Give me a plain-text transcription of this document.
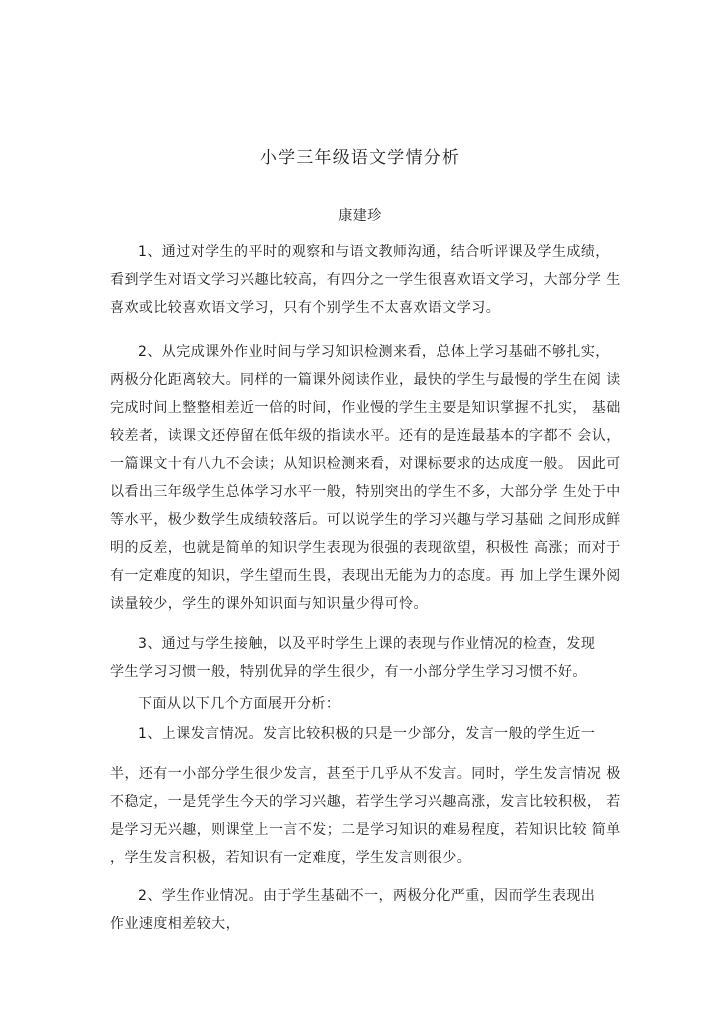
小学三年级语文学情分析
康建珍
1、通过对学生的平时的观察和与语文教师沟通，结合听评课及学生成绩，
看到学生对语文学习兴趣比较高，有四分之一学生很喜欢语文学习，大部分学 生
喜欢或比较喜欢语文学习，只有个别学生不太喜欢语文学习。
2、从完成课外作业时间与学习知识检测来看，总体上学习基础不够扎实，
两极分化距离较大。同样的一篇课外阅读作业，最快的学生与最慢的学生在阅 读
完成时间上整整相差近一倍的时间，作业慢的学生主要是知识掌握不扎实， 基础
较差者，读课文还停留在低年级的指读水平。还有的是连最基本的字都不 会认，
一篇课文十有八九不会读；从知识检测来看，对课标要求的达成度一般。 因此可
以看出三年级学生总体学习水平一般，特别突出的学生不多，大部分学 生处于中
等水平，极少数学生成绩较落后。可以说学生的学习兴趣与学习基础 之间形成鲜
明的反差，也就是简单的知识学生表现为很强的表现欲望，积极性 高涨；而对于
有一定难度的知识，学生望而生畏，表现出无能为力的态度。再 加上学生课外阅
读量较少，学生的课外知识面与知识量少得可怜。
3、通过与学生接触，以及平时学生上课的表现与作业情况的检查，发现
学生学习习惯一般，特别优异的学生很少，有一小部分学生学习习惯不好。
下面从以下几个方面展开分析：
1、上课发言情况。发言比较积极的只是一少部分，发言一般的学生近一
半，还有一小部分学生很少发言，甚至于几乎从不发言。同时，学生发言情况 极
不稳定，一是凭学生今天的学习兴趣，若学生学习兴趣高涨，发言比较积极， 若
是学习无兴趣，则课堂上一言不发；二是学习知识的难易程度，若知识比较 简单
，学生发言积极，若知识有一定难度，学生发言则很少。
2、学生作业情况。由于学生基础不一，两极分化严重，因而学生表现出
作业速度相差较大，
